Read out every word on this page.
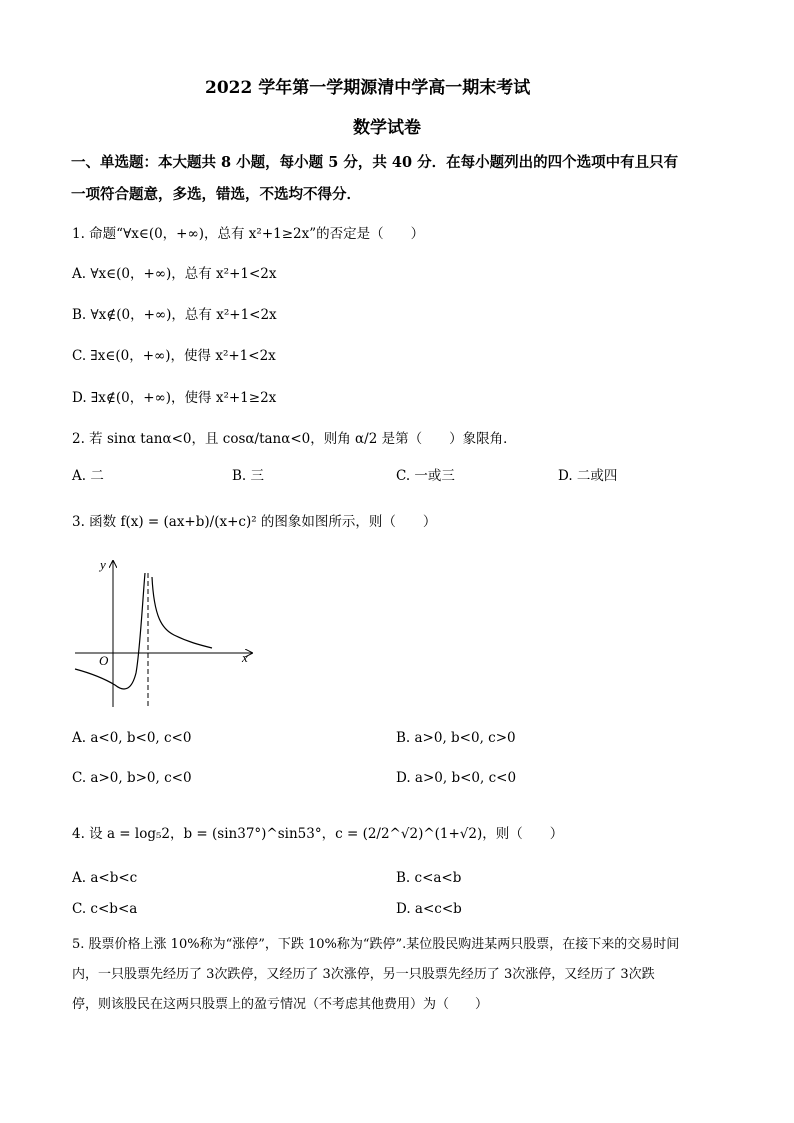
2022 学年第一学期源清中学高一期末考试
数学试卷
一、单选题：本大题共 8 小题，每小题 5 分，共 40 分．在每小题列出的四个选项中有且只有
一项符合题意，多选，错选，不选均不得分．
1. 命题“∀x∈(0，+∞)，总有 x²+1≥2x”的否定是（　　）
A. ∀x∈(0，+∞)，总有 x²+1<2x
B. ∀x∉(0，+∞)，总有 x²+1<2x
C. ∃x∈(0，+∞)，使得 x²+1<2x
D. ∃x∉(0，+∞)，使得 x²+1≥2x
2. 若 sinα tanα<0，且 cosα/tanα<0，则角 α/2 是第（　　）象限角．
A. 二	B. 三	C. 一或三	D. 二或四
3. 函数 f(x) = (ax+b)/(x+c)² 的图象如图所示，则（　　）
y
x
O
A. a<0, b<0, c<0	B. a>0, b<0, c>0
C. a>0, b>0, c<0	D. a>0, b<0, c<0
4. 设 a = log₅2，b = (sin37°)^sin53°，c = (2/2^√2)^(1+√2)，则（　　）
A. a<b<c	B. c<a<b
C. c<b<a	D. a<c<b
5. 股票价格上涨 10%称为“涨停”，下跌 10%称为“跌停”.某位股民购进某两只股票，在接下来的交易时间
内，一只股票先经历了 3次跌停，又经历了 3次涨停，另一只股票先经历了 3次涨停，又经历了 3次跌
停，则该股民在这两只股票上的盈亏情况（不考虑其他费用）为（　　）
